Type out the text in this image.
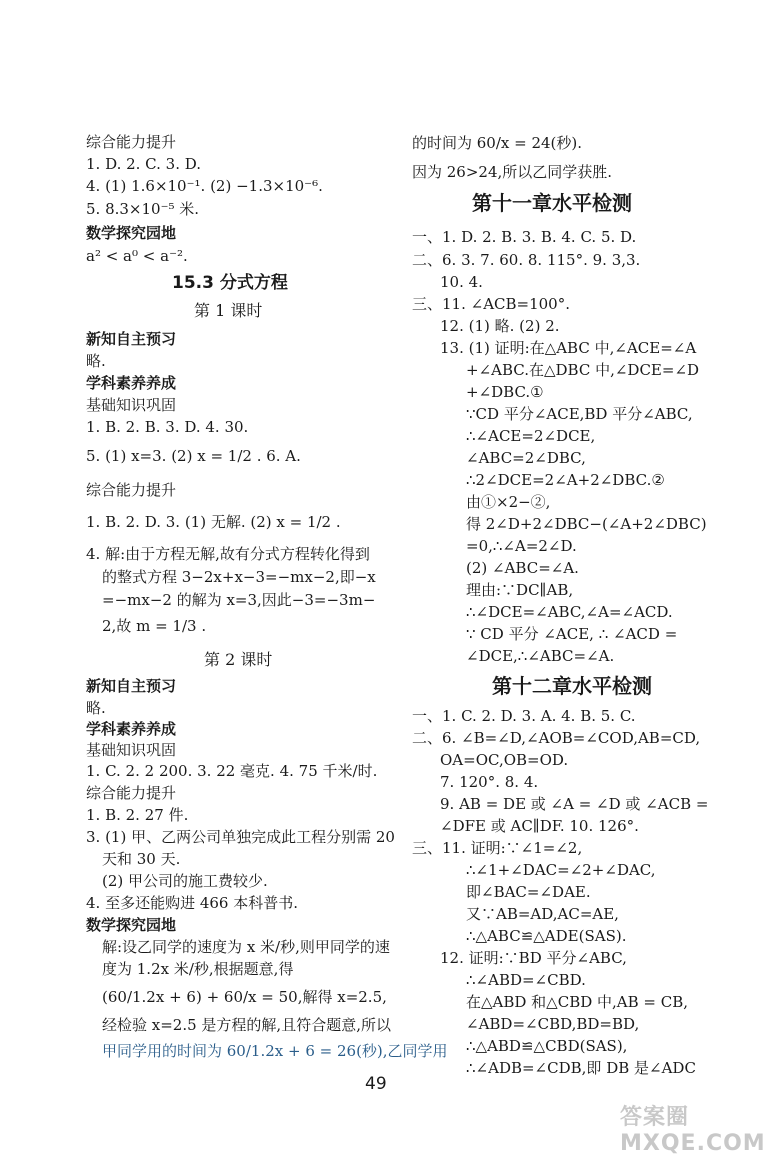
综合能力提升
1. D. 2. C. 3. D.
4. (1) 1.6×10⁻¹. (2) −1.3×10⁻⁶.
5. 8.3×10⁻⁵ 米.
数学探究园地
a² < a⁰ < a⁻².
15.3 分式方程
第 1 课时
新知自主预习
略.
学科素养养成
基础知识巩固
1. B. 2. B. 3. D. 4. 30.
5. (1) x=3. (2) x = 1/2 . 6. A.
综合能力提升
1. B. 2. D. 3. (1) 无解. (2) x = 1/2 .
4. 解:由于方程无解,故有分式方程转化得到
的整式方程 3−2x+x−3=−mx−2,即−x
=−mx−2 的解为 x=3,因此−3=−3m−
2,故 m = 1/3 .
第 2 课时
新知自主预习
略.
学科素养养成
基础知识巩固
1. C. 2. 2 200. 3. 22 毫克. 4. 75 千米/时.
综合能力提升
1. B. 2. 27 件.
3. (1) 甲、乙两公司单独完成此工程分别需 20
天和 30 天.
(2) 甲公司的施工费较少.
4. 至多还能购进 466 本科普书.
数学探究园地
解:设乙同学的速度为 x 米/秒,则甲同学的速
度为 1.2x 米/秒,根据题意,得
(60/1.2x + 6) + 60/x = 50,解得 x=2.5,
经检验 x=2.5 是方程的解,且符合题意,所以
甲同学用的时间为 60/1.2x + 6 = 26(秒),乙同学用
的时间为 60/x = 24(秒).
因为 26>24,所以乙同学获胜.
第十一章水平检测
一、1. D. 2. B. 3. B. 4. C. 5. D.
二、6. 3. 7. 60. 8. 115°. 9. 3,3.
10. 4.
三、11. ∠ACB=100°.
12. (1) 略. (2) 2.
13. (1) 证明:在△ABC 中,∠ACE=∠A
+∠ABC.在△DBC 中,∠DCE=∠D
+∠DBC.①
∵CD 平分∠ACE,BD 平分∠ABC,
∴∠ACE=2∠DCE,
∠ABC=2∠DBC,
∴2∠DCE=2∠A+2∠DBC.②
由①×2−②,
得 2∠D+2∠DBC−(∠A+2∠DBC)
=0,∴∠A=2∠D.
(2) ∠ABC=∠A.
理由:∵DC∥AB,
∴∠DCE=∠ABC,∠A=∠ACD.
∵ CD 平分 ∠ACE, ∴ ∠ACD =
∠DCE,∴∠ABC=∠A.
第十二章水平检测
一、1. C. 2. D. 3. A. 4. B. 5. C.
二、6. ∠B=∠D,∠AOB=∠COD,AB=CD,
OA=OC,OB=OD.
7. 120°. 8. 4.
9. AB = DE 或 ∠A = ∠D 或 ∠ACB =
∠DFE 或 AC∥DF. 10. 126°.
三、11. 证明:∵∠1=∠2,
∴∠1+∠DAC=∠2+∠DAC,
即∠BAC=∠DAE.
又∵AB=AD,AC=AE,
∴△ABC≌△ADE(SAS).
12. 证明:∵BD 平分∠ABC,
∴∠ABD=∠CBD.
在△ABD 和△CBD 中,AB = CB,
∠ABD=∠CBD,BD=BD,
∴△ABD≌△CBD(SAS),
∴∠ADB=∠CDB,即 DB 是∠ADC
49
答案圈 MXQE.COM
